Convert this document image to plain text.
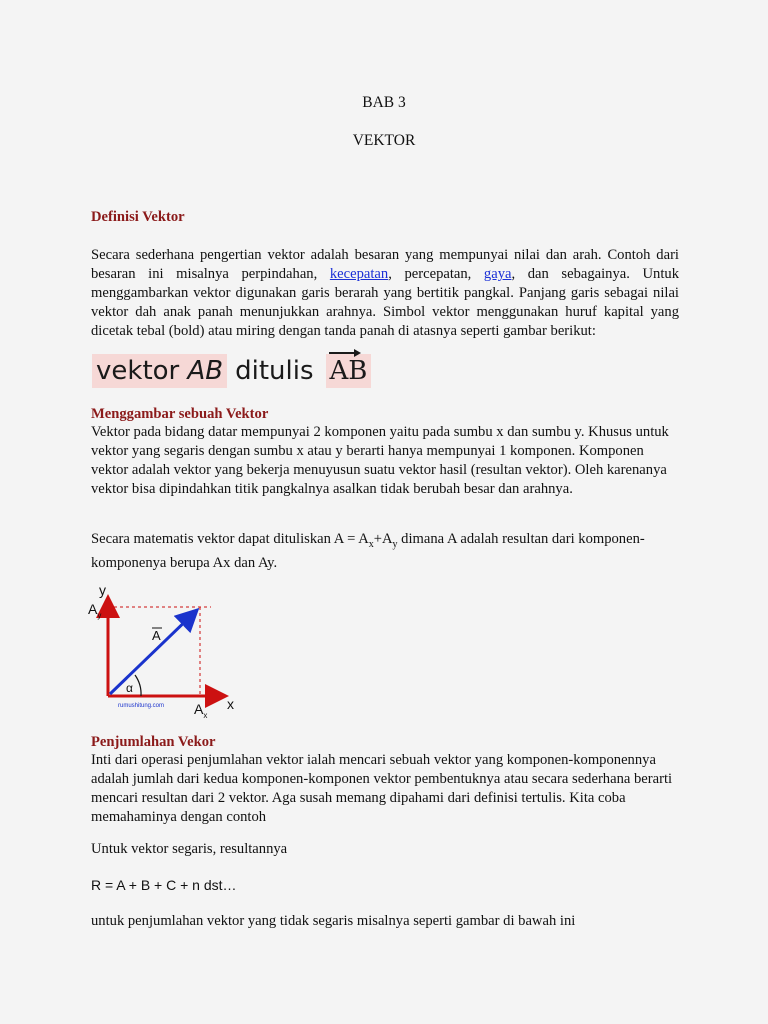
BAB 3
VEKTOR
Definisi Vektor
Secara sederhana pengertian vektor adalah besaran yang mempunyai nilai dan arah. Contoh dari besaran ini misalnya perpindahan, kecepatan, percepatan, gaya, dan sebagainya. Untuk menggambarkan vektor digunakan garis berarah yang bertitik pangkal. Panjang garis sebagai nilai vektor dah anak panah menunjukkan arahnya. Simbol vektor menggunakan huruf kapital yang dicetak tebal (bold) atau miring dengan tanda panah di atasnya seperti gambar berikut:
vektor AB ditulis AB
Menggambar sebuah Vektor
Vektor pada bidang datar mempunyai 2 komponen yaitu pada sumbu x dan sumbu y. Khusus untuk vektor yang segaris dengan sumbu x atau y berarti hanya mempunyai 1 komponen. Komponen vektor adalah vektor yang bekerja menuyusun suatu vektor hasil (resultan vektor). Oleh karenanya vektor bisa dipindahkan titik pangkalnya asalkan tidak berubah besar dan arahnya.
Secara matematis vektor dapat dituliskan $A = A_x+A_y$ dimana A adalah resultan dari komponen-komponenya berupa Ax dan Ay.
y
$A_y$
A
α
rumushitung.com $A_x$
x
Penjumlahan Vekor
Inti dari operasi penjumlahan vektor ialah mencari sebuah vektor yang komponen-komponennya adalah jumlah dari kedua komponen-komponen vektor pembentuknya atau secara sederhana berarti mencari resultan dari 2 vektor. Aga susah memang dipahami dari definisi tertulis. Kita coba memahaminya dengan contoh
Untuk vektor segaris, resultannya
R = A + B + C + n dst…
untuk penjumlahan vektor yang tidak segaris misalnya seperti gambar di bawah ini
